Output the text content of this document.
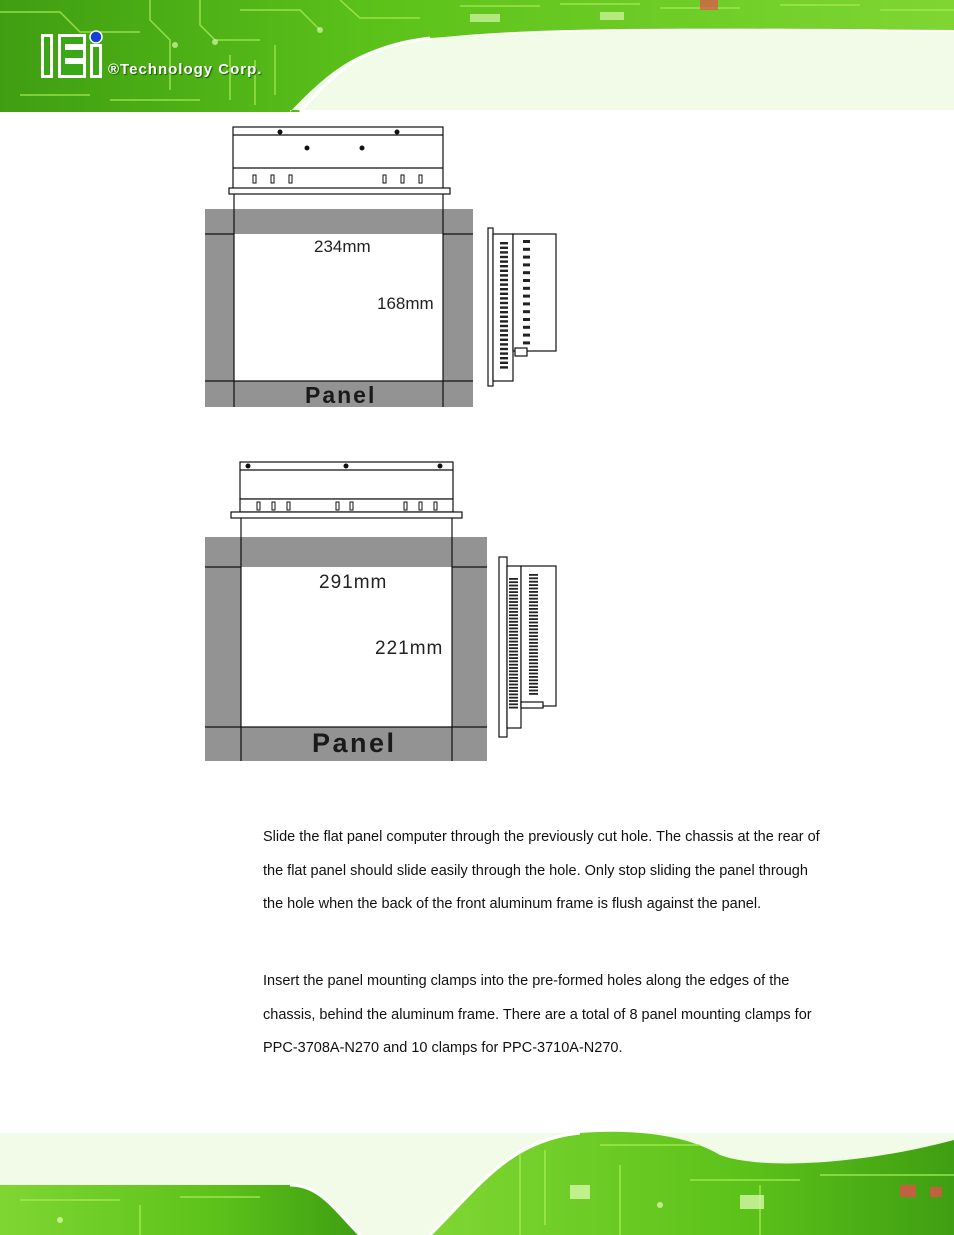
®Technology Corp.
234mm
168mm
Panel
291mm
221mm
Panel

Slide the flat panel computer through the previously cut hole. The chassis at the rear of the flat panel should slide easily through the hole. Only stop sliding the panel through the hole when the back of the front aluminum frame is flush against the panel.

Insert the panel mounting clamps into the pre-formed holes along the edges of the chassis, behind the aluminum frame. There are a total of 8 panel mounting clamps for PPC-3708A-N270 and 10 clamps for PPC-3710A-N270.
